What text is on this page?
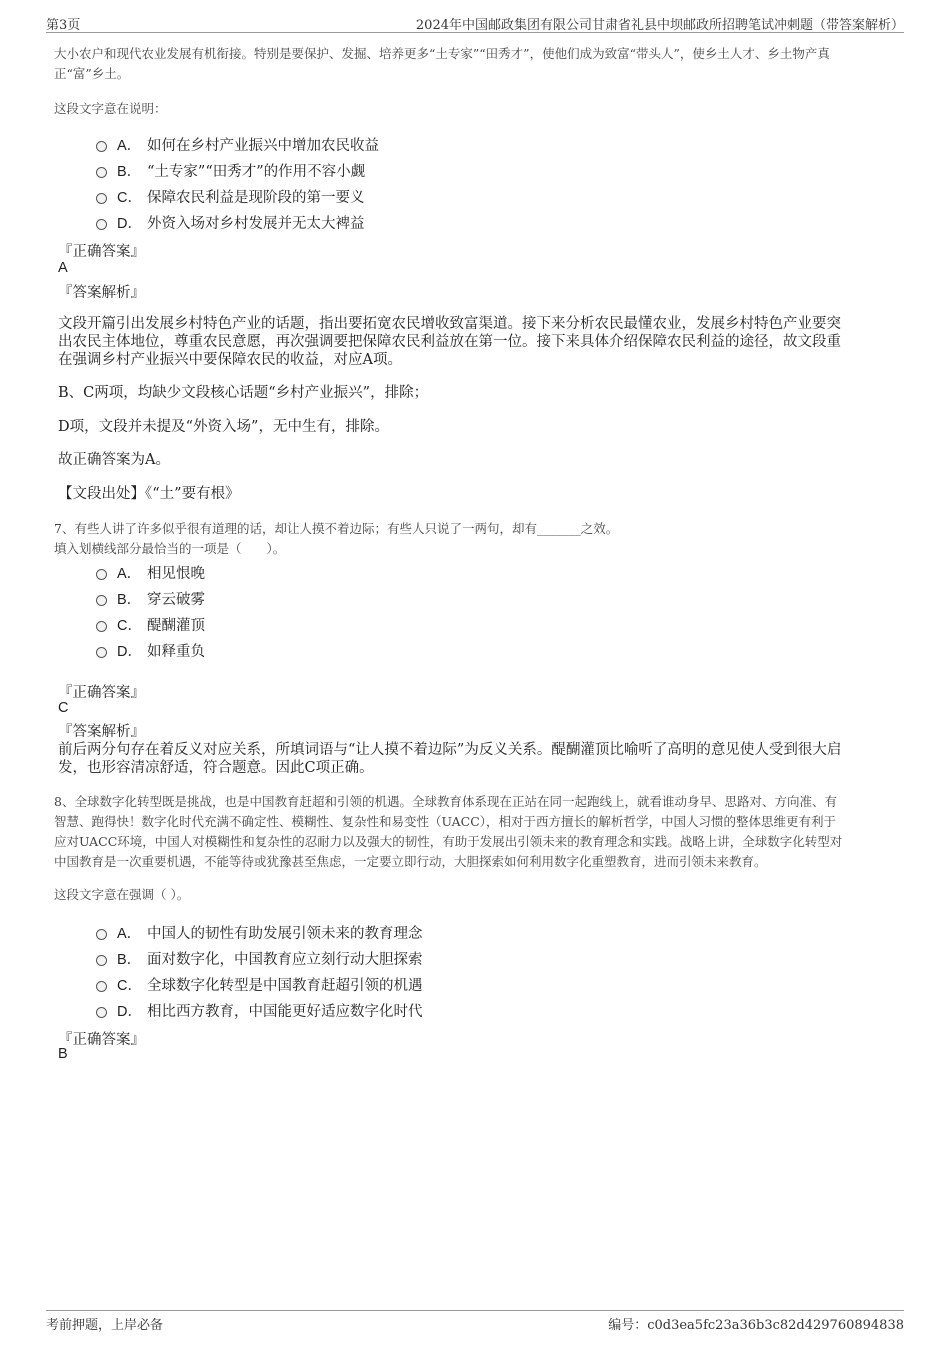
第3页	2024年中国邮政集团有限公司甘肃省礼县中坝邮政所招聘笔试冲刺题（带答案解析）
大小农户和现代农业发展有机衔接。特别是要保护、发掘、培养更多“土专家”“田秀才”，使他们成为致富“带头人”，使乡土人才、乡土物产真
正“富”乡土。
这段文字意在说明：
A． 如何在乡村产业振兴中增加农民收益
B． “土专家”“田秀才”的作用不容小觑
C． 保障农民利益是现阶段的第一要义
D． 外资入场对乡村发展并无太大裨益
『正确答案』
A
『答案解析』
文段开篇引出发展乡村特色产业的话题，指出要拓宽农民增收致富渠道。接下来分析农民最懂农业，发展乡村特色产业要突
出农民主体地位，尊重农民意愿，再次强调要把保障农民利益放在第一位。接下来具体介绍保障农民利益的途径，故文段重
在强调乡村产业振兴中要保障农民的收益，对应A项。
B、C两项，均缺少文段核心话题“乡村产业振兴”，排除；
D项，文段并未提及“外资入场”，无中生有，排除。
故正确答案为A。
【文段出处】《“土”要有根》
7、有些人讲了许多似乎很有道理的话，却让人摸不着边际；有些人只说了一两句，却有_______之效。
填入划横线部分最恰当的一项是（　　）。
A． 相见恨晚
B． 穿云破雾
C． 醍醐灌顶
D． 如释重负
『正确答案』
C
『答案解析』
前后两分句存在着反义对应关系，所填词语与“让人摸不着边际”为反义关系。醍醐灌顶比喻听了高明的意见使人受到很大启
发，也形容清凉舒适，符合题意。因此C项正确。
8、全球数字化转型既是挑战，也是中国教育赶超和引领的机遇。全球教育体系现在正站在同一起跑线上，就看谁动身早、思路对、方向准、有
智慧、跑得快！数字化时代充满不确定性、模糊性、复杂性和易变性（UACC），相对于西方擅长的解析哲学，中国人习惯的整体思维更有利于
应对UACC环境，中国人对模糊性和复杂性的忍耐力以及强大的韧性，有助于发展出引领未来的教育理念和实践。战略上讲，全球数字化转型对
中国教育是一次重要机遇，不能等待或犹豫甚至焦虑，一定要立即行动，大胆探索如何利用数字化重塑教育，进而引领未来教育。
这段文字意在强调（ ）。
A． 中国人的韧性有助发展引领未来的教育理念
B． 面对数字化，中国教育应立刻行动大胆探索
C． 全球数字化转型是中国教育赶超引领的机遇
D． 相比西方教育，中国能更好适应数字化时代
『正确答案』
B
考前押题，上岸必备	编号：c0d3ea5fc23a36b3c82d429760894838
